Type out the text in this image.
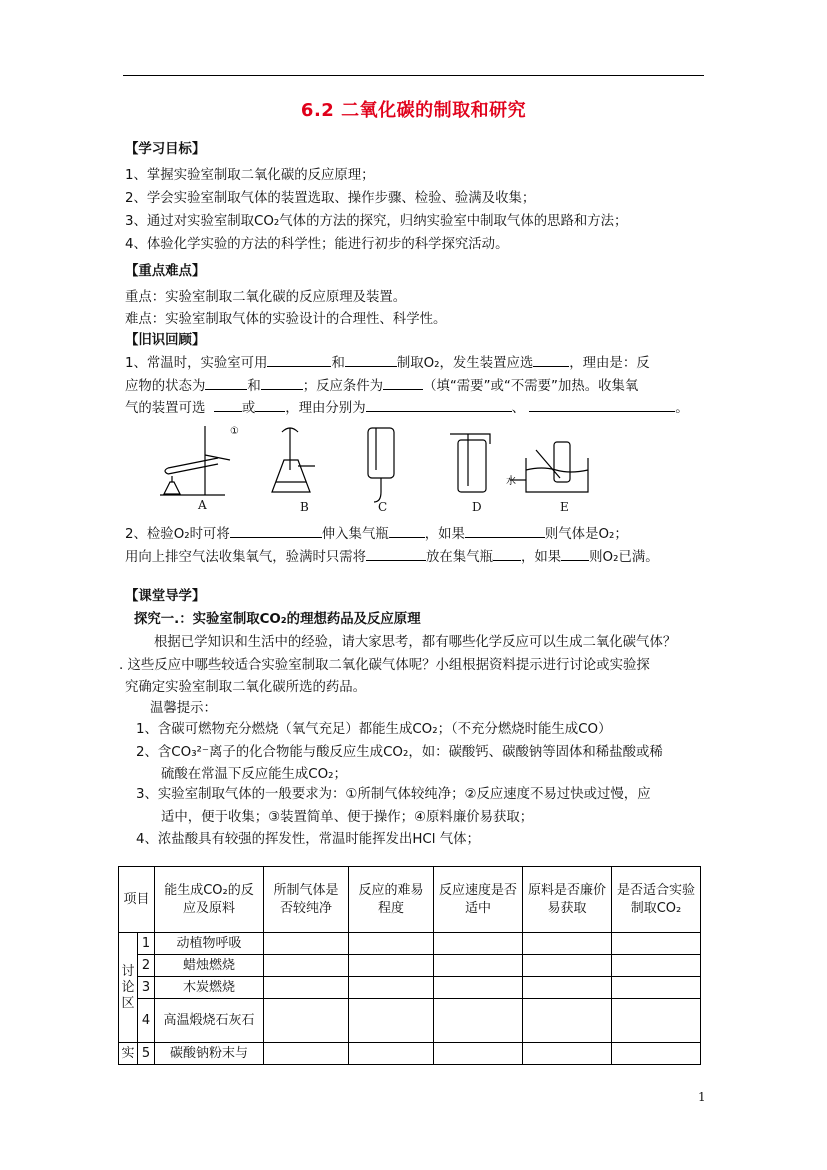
6.2 二氧化碳的制取和研究
【学习目标】
1、掌握实验室制取二氧化碳的反应原理；
2、学会实验室制取气体的装置选取、操作步骤、检验、验满及收集；
3、通过对实验室制取CO₂气体的方法的探究，归纳实验室中制取气体的思路和方法；
4、体验化学实验的方法的科学性；能进行初步的科学探究活动。
【重点难点】
重点：实验室制取二氧化碳的反应原理及装置。
难点：实验室制取气体的实验设计的合理性、科学性。
【旧识回顾】
1、常温时，实验室可用	和	制取O₂，发生装置应选	，理由是：反
应物的状态为	和	；反应条件为	（填“需要”或“不需要”加热。收集氧
气的装置可选	或 ，理由分别为	、	。
①
水
A	B	C	D	E
2、检验O₂时可将	伸入集气瓶	，如果	则气体是O₂；
用向上排空气法收集氧气，验满时只需将	放在集气瓶 ，如果 则O₂已满。
【课堂导学】
探究一.：实验室制取CO₂的理想药品及反应原理
根据已学知识和生活中的经验，请大家思考，都有哪些化学反应可以生成二氧化碳气体？
. 这些反应中哪些较适合实验室制取二氧化碳气体呢？小组根据资料提示进行讨论或实验探
究确定实验室制取二氧化碳所选的药品。
温馨提示：
1、含碳可燃物充分燃烧（氧气充足）都能生成CO₂；（不充分燃烧时能生成CO）
2、含CO₃²⁻离子的化合物能与酸反应生成CO₂，如：碳酸钙、碳酸钠等固体和稀盐酸或稀
硫酸在常温下反应能生成CO₂；
3、实验室制取气体的一般要求为：①所制气体较纯净；②反应速度不易过快或过慢，应
适中，便于收集；③装置简单、便于操作；④原料廉价易获取；
4、浓盐酸具有较强的挥发性，常温时能挥发出HCl 气体；
项目		能生成CO₂的反应及原料	所制气体是否较纯净	反应的难易程度	反应速度是否适中	原料是否廉价易获取	是否适合实验制取CO₂
讨论区	1	动植物呼吸					
	2	蜡烛燃烧					
	3	木炭燃烧					
	4	高温煅烧石灰石					
实	5	碳酸钠粉末与					
1
